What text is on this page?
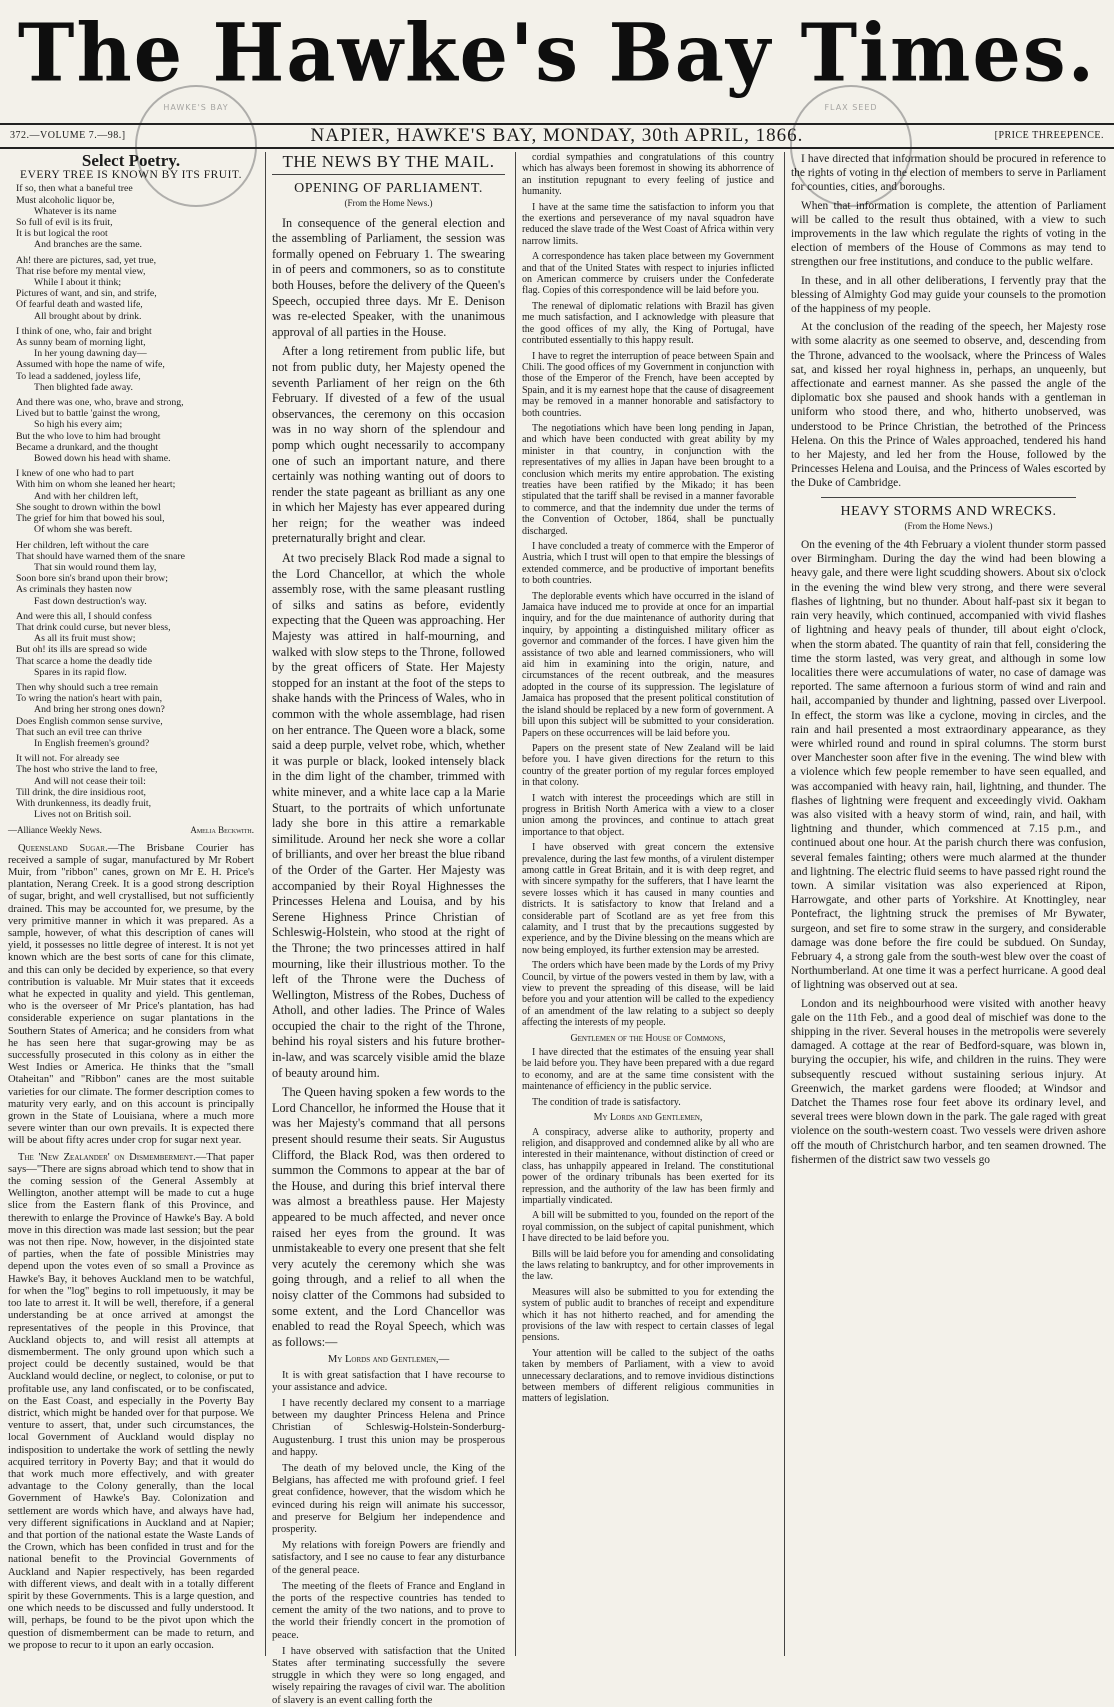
The Hawke's Bay Times.
HAWKE'S BAY	FLAX SEED
372.—VOLUME 7.—98.]	NAPIER, HAWKE'S BAY, MONDAY, 30th APRIL, 1866.	[PRICE THREEPENCE.
Select Poetry.
EVERY TREE IS KNOWN BY ITS FRUIT.
If so, then what a baneful tree
Must alcoholic liquor be,
Whatever is its name
So full of evil is its fruit,
It is but logical the root
And branches are the same.
Ah! there are pictures, sad, yet true,
That rise before my mental view,
While I about it think;
Pictures of want, and sin, and strife,
Of fearful death and wasted life,
All brought about by drink.
I think of one, who, fair and bright
As sunny beam of morning light,
In her young dawning day—
Assumed with hope the name of wife,
To lead a saddened, joyless life,
Then blighted fade away.
And there was one, who, brave and strong,
Lived but to battle 'gainst the wrong,
So high his every aim;
But the who love to him had brought
Became a drunkard, and the thought
Bowed down his head with shame.
I knew of one who had to part
With him on whom she leaned her heart;
And with her children left,
She sought to drown within the bowl
The grief for him that bowed his soul,
Of whom she was bereft.
Her children, left without the care
That should have warned them of the snare
That sin would round them lay,
Soon bore sin's brand upon their brow;
As criminals they hasten now
Fast down destruction's way.
And were this all, I should confess
That drink could curse, but never bless,
As all its fruit must show;
But oh! its ills are spread so wide
That scarce a home the deadly tide
Spares in its rapid flow.
Then why should such a tree remain
To wring the nation's heart with pain,
And bring her strong ones down?
Does English common sense survive,
That such an evil tree can thrive
In English freemen's ground?
It will not. For already see
The host who strive the land to free,
And will not cease their toil:
Till drink, the dire insidious root,
With drunkenness, its deadly fruit,
Lives not on British soil.
—Alliance Weekly News.	Amelia Beckwith.

Queensland Sugar.—The Brisbane Courier has received a sample of sugar, manufactured by Mr Robert Muir, from "ribbon" canes, grown on Mr E. H. Price's plantation, Nerang Creek. It is a good strong description of sugar, bright, and well crystallised, but not sufficiently drained. This may be accounted for, we presume, by the very primitive manner in which it was prepared. As a sample, however, of what this description of canes will yield, it possesses no little degree of interest. It is not yet known which are the best sorts of cane for this climate, and this can only be decided by experience, so that every contribution is valuable. Mr Muir states that it exceeds what he expected in quality and yield. This gentleman, who is the overseer of Mr Price's plantation, has had considerable experience on sugar plantations in the Southern States of America; and he considers from what he has seen here that sugar-growing may be as successfully prosecuted in this colony as in either the West Indies or America. He thinks that the "small Otaheitan" and "Ribbon" canes are the most suitable varieties for our climate. The former description comes to maturity very early, and on this account is principally grown in the State of Louisiana, where a much more severe winter than our own prevails. It is expected there will be about fifty acres under crop for sugar next year.

The 'New Zealander' on Dismemberment.—That paper says—"There are signs abroad which tend to show that in the coming session of the General Assembly at Wellington, another attempt will be made to cut a huge slice from the Eastern flank of this Province, and therewith to enlarge the Province of Hawke's Bay. A bold move in this direction was made last session; but the pear was not then ripe. Now, however, in the disjointed state of parties, when the fate of possible Ministries may depend upon the votes even of so small a Province as Hawke's Bay, it behoves Auckland men to be watchful, for when the "log" begins to roll impetuously, it may be too late to arrest it. It will be well, therefore, if a general understanding be at once arrived at amongst the representatives of the people in this Province, that Auckland objects to, and will resist all attempts at dismemberment. The only ground upon which such a project could be decently sustained, would be that Auckland would decline, or neglect, to colonise, or put to profitable use, any land confiscated, or to be confiscated, on the East Coast, and especially in the Poverty Bay district, which might be handed over for that purpose. We venture to assert, that, under such circumstances, the local Government of Auckland would display no indisposition to undertake the work of settling the newly acquired territory in Poverty Bay; and that it would do that work much more effectively, and with greater advantage to the Colony generally, than the local Government of Hawke's Bay. Colonization and settlement are words which have, and always have had, very different significations in Auckland and at Napier; and that portion of the national estate the Waste Lands of the Crown, which has been confided in trust and for the national benefit to the Provincial Governments of Auckland and Napier respectively, has been regarded with different views, and dealt with in a totally different spirit by these Governments. This is a large question, and one which needs to be discussed and fully understood. It will, perhaps, be found to be the pivot upon which the question of dismemberment can be made to return, and we propose to recur to it upon an early occasion.

THE NEWS BY THE MAIL.
OPENING OF PARLIAMENT.
(From the Home News.)

In consequence of the general election and the assembling of Parliament, the session was formally opened on February 1. The swearing in of peers and commoners, so as to constitute both Houses, before the delivery of the Queen's Speech, occupied three days. Mr E. Denison was re-elected Speaker, with the unanimous approval of all parties in the House.

After a long retirement from public life, but not from public duty, her Majesty opened the seventh Parliament of her reign on the 6th February. If divested of a few of the usual observances, the ceremony on this occasion was in no way shorn of the splendour and pomp which ought necessarily to accompany one of such an important nature, and there certainly was nothing wanting out of doors to render the state pageant as brilliant as any one in which her Majesty has ever appeared during her reign; for the weather was indeed preternaturally bright and clear.

At two precisely Black Rod made a signal to the Lord Chancellor, at which the whole assembly rose, with the same pleasant rustling of silks and satins as before, evidently expecting that the Queen was approaching. Her Majesty was attired in half-mourning, and walked with slow steps to the Throne, followed by the great officers of State. Her Majesty stopped for an instant at the foot of the steps to shake hands with the Princess of Wales, who in common with the whole assemblage, had risen on her entrance. The Queen wore a black, some said a deep purple, velvet robe, which, whether it was purple or black, looked intensely black in the dim light of the chamber, trimmed with white minever, and a white lace cap a la Marie Stuart, to the portraits of which unfortunate lady she bore in this attire a remarkable similitude. Around her neck she wore a collar of brilliants, and over her breast the blue riband of the Order of the Garter. Her Majesty was accompanied by their Royal Highnesses the Princesses Helena and Louisa, and by his Serene Highness Prince Christian of Schleswig-Holstein, who stood at the right of the Throne; the two princesses attired in half mourning, like their illustrious mother. To the left of the Throne were the Duchess of Wellington, Mistress of the Robes, Duchess of Atholl, and other ladies. The Prince of Wales occupied the chair to the right of the Throne, behind his royal sisters and his future brother-in-law, and was scarcely visible amid the blaze of beauty around him.

The Queen having spoken a few words to the Lord Chancellor, he informed the House that it was her Majesty's command that all persons present should resume their seats. Sir Augustus Clifford, the Black Rod, was then ordered to summon the Commons to appear at the bar of the House, and during this brief interval there was almost a breathless pause. Her Majesty appeared to be much affected, and never once raised her eyes from the ground. It was unmistakeable to every one present that she felt very acutely the ceremony which she was going through, and a relief to all when the noisy clatter of the Commons had subsided to some extent, and the Lord Chancellor was enabled to read the Royal Speech, which was as follows:—

My Lords and Gentlemen,—

It is with great satisfaction that I have recourse to your assistance and advice.

I have recently declared my consent to a marriage between my daughter Princess Helena and Prince Christian of Schleswig-Holstein-Sonderburg-Augustenburg. I trust this union may be prosperous and happy.

The death of my beloved uncle, the King of the Belgians, has affected me with profound grief. I feel great confidence, however, that the wisdom which he evinced during his reign will animate his successor, and preserve for Belgium her independence and prosperity.

My relations with foreign Powers are friendly and satisfactory, and I see no cause to fear any disturbance of the general peace.

The meeting of the fleets of France and England in the ports of the respective countries has tended to cement the amity of the two nations, and to prove to the world their friendly concert in the promotion of peace.

I have observed with satisfaction that the United States after terminating successfully the severe struggle in which they were so long engaged, and wisely repairing the ravages of civil war. The abolition of slavery is an event calling forth the

cordial sympathies and congratulations of this country which has always been foremost in showing its abhorrence of an institution repugnant to every feeling of justice and humanity.

I have at the same time the satisfaction to inform you that the exertions and perseverance of my naval squadron have reduced the slave trade of the West Coast of Africa within very narrow limits.

A correspondence has taken place between my Government and that of the United States with respect to injuries inflicted on American commerce by cruisers under the Confederate flag. Copies of this correspondence will be laid before you.

The renewal of diplomatic relations with Brazil has given me much satisfaction, and I acknowledge with pleasure that the good offices of my ally, the King of Portugal, have contributed essentially to this happy result.

I have to regret the interruption of peace between Spain and Chili. The good offices of my Government in conjunction with those of the Emperor of the French, have been accepted by Spain, and it is my earnest hope that the cause of disagreement may be removed in a manner honorable and satisfactory to both countries.

The negotiations which have been long pending in Japan, and which have been conducted with great ability by my minister in that country, in conjunction with the representatives of my allies in Japan have been brought to a conclusion which merits my entire approbation. The existing treaties have been ratified by the Mikado; it has been stipulated that the tariff shall be revised in a manner favorable to commerce, and that the indemnity due under the terms of the Convention of October, 1864, shall be punctually discharged.

I have concluded a treaty of commerce with the Emperor of Austria, which I trust will open to that empire the blessings of extended commerce, and be productive of important benefits to both countries.

The deplorable events which have occurred in the island of Jamaica have induced me to provide at once for an impartial inquiry, and for the due maintenance of authority during that inquiry, by appointing a distinguished military officer as governor and commander of the forces. I have given him the assistance of two able and learned commissioners, who will aid him in examining into the origin, nature, and circumstances of the recent outbreak, and the measures adopted in the course of its suppression. The legislature of Jamaica has proposed that the present political constitution of the island should be replaced by a new form of government. A bill upon this subject will be submitted to your consideration. Papers on these occurrences will be laid before you.

Papers on the present state of New Zealand will be laid before you. I have given directions for the return to this country of the greater portion of my regular forces employed in that colony.

I watch with interest the proceedings which are still in progress in British North America with a view to a closer union among the provinces, and continue to attach great importance to that object.

I have observed with great concern the extensive prevalence, during the last few months, of a virulent distemper among cattle in Great Britain, and it is with deep regret, and with sincere sympathy for the sufferers, that I have learnt the severe losses which it has caused in many counties and districts. It is satisfactory to know that Ireland and a considerable part of Scotland are as yet free from this calamity, and I trust that by the precautions suggested by experience, and by the Divine blessing on the means which are now being employed, its further extension may be arrested.

The orders which have been made by the Lords of my Privy Council, by virtue of the powers vested in them by law, with a view to prevent the spreading of this disease, will be laid before you and your attention will be called to the expediency of an amendment of the law relating to a subject so deeply affecting the interests of my people.

Gentlemen of the House of Commons,

I have directed that the estimates of the ensuing year shall be laid before you. They have been prepared with a due regard to economy, and are at the same time consistent with the maintenance of efficiency in the public service.

The condition of trade is satisfactory.

My Lords and Gentlemen,

A conspiracy, adverse alike to authority, property and religion, and disapproved and condemned alike by all who are interested in their maintenance, without distinction of creed or class, has unhappily appeared in Ireland. The constitutional power of the ordinary tribunals has been exerted for its repression, and the authority of the law has been firmly and impartially vindicated.

A bill will be submitted to you, founded on the report of the royal commission, on the subject of capital punishment, which I have directed to be laid before you.

Bills will be laid before you for amending and consolidating the laws relating to bankruptcy, and for other improvements in the law.

Measures will also be submitted to you for extending the system of public audit to branches of receipt and expenditure which it has not hitherto reached, and for amending the provisions of the law with respect to certain classes of legal pensions.

Your attention will be called to the subject of the oaths taken by members of Parliament, with a view to avoid unnecessary declarations, and to remove invidious distinctions between members of different religious communities in matters of legislation.

I have directed that information should be procured in reference to the rights of voting in the election of members to serve in Parliament for counties, cities, and boroughs.

When that information is complete, the attention of Parliament will be called to the result thus obtained, with a view to such improvements in the law which regulate the rights of voting in the election of members of the House of Commons as may tend to strengthen our free institutions, and conduce to the public welfare.

In these, and in all other deliberations, I fervently pray that the blessing of Almighty God may guide your counsels to the promotion of the happiness of my people.

At the conclusion of the reading of the speech, her Majesty rose with some alacrity as one seemed to observe, and, descending from the Throne, advanced to the woolsack, where the Princess of Wales sat, and kissed her royal highness in, perhaps, an unqueenly, but affectionate and earnest manner. As she passed the angle of the diplomatic box she paused and shook hands with a gentleman in uniform who stood there, and who, hitherto unobserved, was understood to be Prince Christian, the betrothed of the Princess Helena. On this the Prince of Wales approached, tendered his hand to her Majesty, and led her from the House, followed by the Princesses Helena and Louisa, and the Princess of Wales escorted by the Duke of Cambridge.

HEAVY STORMS AND WRECKS.
(From the Home News.)

On the evening of the 4th February a violent thunder storm passed over Birmingham. During the day the wind had been blowing a heavy gale, and there were light scudding showers. About six o'clock in the evening the wind blew very strong, and there were several flashes of lightning, but no thunder. About half-past six it began to rain very heavily, which continued, accompanied with vivid flashes of lightning and heavy peals of thunder, till about eight o'clock, when the storm abated. The quantity of rain that fell, considering the time the storm lasted, was very great, and although in some low localities there were accumulations of water, no case of damage was reported. The same afternoon a furious storm of wind and rain and hail, accompanied by thunder and lightning, passed over Liverpool. In effect, the storm was like a cyclone, moving in circles, and the rain and hail presented a most extraordinary appearance, as they were whirled round and round in spiral columns. The storm burst over Manchester soon after five in the evening. The wind blew with a violence which few people remember to have seen equalled, and was accompanied with heavy rain, hail, lightning, and thunder. The flashes of lightning were frequent and exceedingly vivid. Oakham was also visited with a heavy storm of wind, rain, and hail, with lightning and thunder, which commenced at 7.15 p.m., and continued about one hour. At the parish church there was confusion, several females fainting; others were much alarmed at the thunder and lightning. The electric fluid seems to have passed right round the town. A similar visitation was also experienced at Ripon, Harrowgate, and other parts of Yorkshire. At Knottingley, near Pontefract, the lightning struck the premises of Mr Bywater, surgeon, and set fire to some straw in the surgery, and considerable damage was done before the fire could be subdued. On Sunday, February 4, a strong gale from the south-west blew over the coast of Northumberland. At one time it was a perfect hurricane. A good deal of lightning was observed out at sea.

London and its neighbourhood were visited with another heavy gale on the 11th Feb., and a good deal of mischief was done to the shipping in the river. Several houses in the metropolis were severely damaged. A cottage at the rear of Bedford-square, was blown in, burying the occupier, his wife, and children in the ruins. They were subsequently rescued without sustaining serious injury. At Greenwich, the market gardens were flooded; at Windsor and Datchet the Thames rose four feet above its ordinary level, and several trees were blown down in the park. The gale raged with great violence on the south-western coast. Two vessels were driven ashore off the mouth of Christchurch harbor, and ten seamen drowned. The fishermen of the district saw two vessels go
